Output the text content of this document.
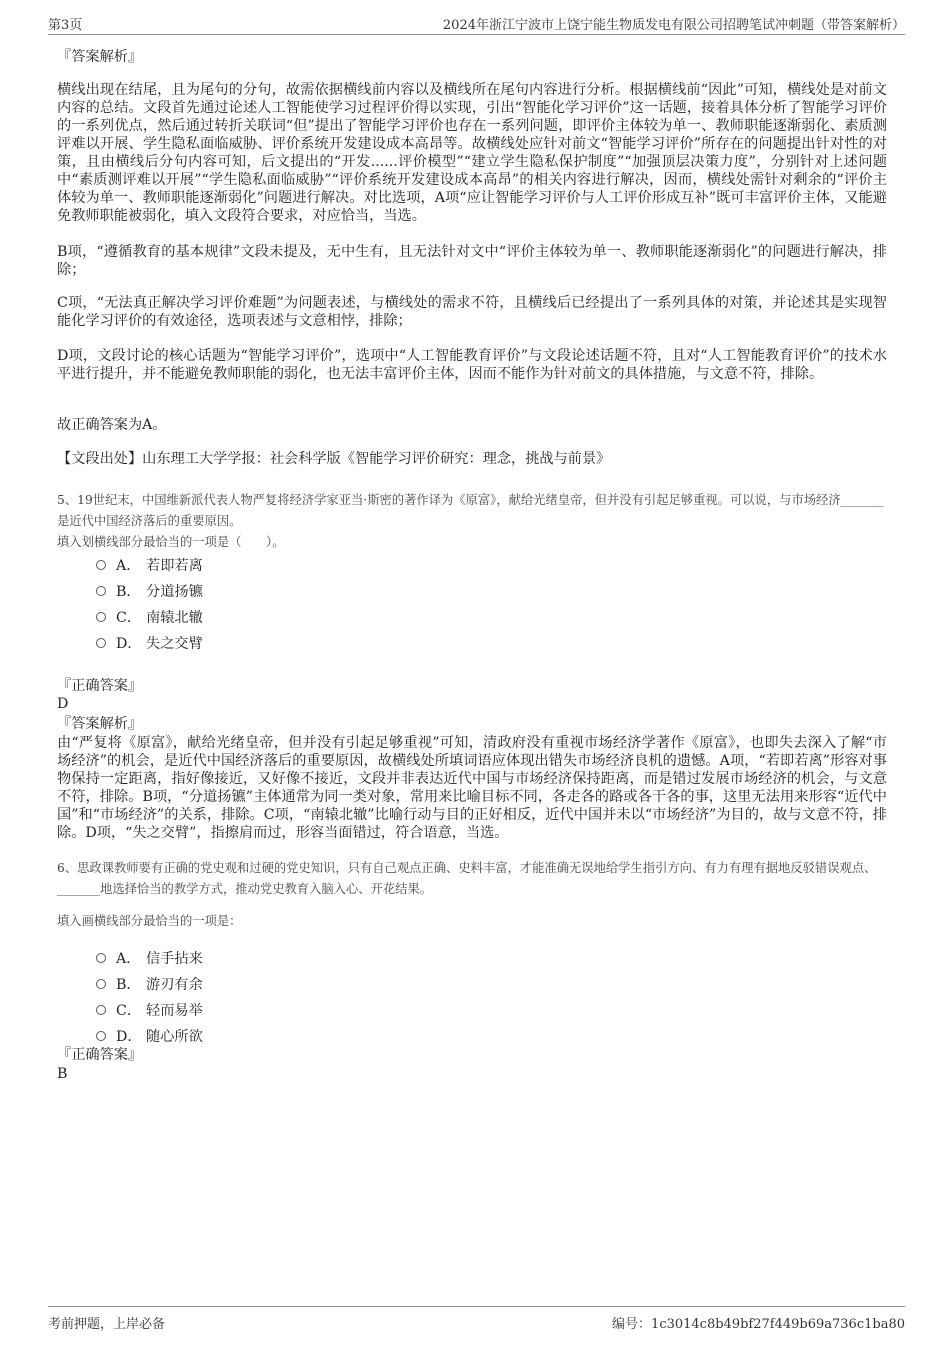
第3页	2024年浙江宁波市上饶宁能生物质发电有限公司招聘笔试冲刺题（带答案解析）
『答案解析』

横线出现在结尾，且为尾句的分句，故需依据横线前内容以及横线所在尾句内容进行分析。根据横线前“因此”可知，横线处是对前文内容的总结。文段首先通过论述人工智能使学习过程评价得以实现，引出“智能化学习评价”这一话题，接着具体分析了智能学习评价的一系列优点，然后通过转折关联词“但”提出了智能学习评价也存在一系列问题，即评价主体较为单一、教师职能逐渐弱化、素质测评难以开展、学生隐私面临威胁、评价系统开发建设成本高昂等。故横线处应针对前文“智能学习评价”所存在的问题提出针对性的对策，且由横线后分句内容可知，后文提出的“开发......评价模型”“建立学生隐私保护制度”“加强顶层决策力度”，分别针对上述问题中“素质测评难以开展”“学生隐私面临威胁”“评价系统开发建设成本高昂”的相关内容进行解决，因而，横线处需针对剩余的“评价主体较为单一、教师职能逐渐弱化”问题进行解决。对比选项，A项“应让智能学习评价与人工评价形成互补”既可丰富评价主体，又能避免教师职能被弱化，填入文段符合要求，对应恰当，当选。

B项，“遵循教育的基本规律”文段未提及，无中生有，且无法针对文中“评价主体较为单一、教师职能逐渐弱化”的问题进行解决，排除；

C项，“无法真正解决学习评价难题”为问题表述，与横线处的需求不符，且横线后已经提出了一系列具体的对策，并论述其是实现智能化学习评价的有效途径，选项表述与文意相悖，排除；

D项，文段讨论的核心话题为“智能学习评价”，选项中“人工智能教育评价”与文段论述话题不符，且对“人工智能教育评价”的技术水平进行提升，并不能避免教师职能的弱化，也无法丰富评价主体，因而不能作为针对前文的具体措施，与文意不符，排除。

故正确答案为A。

【文段出处】山东理工大学学报：社会科学版《智能学习评价研究：理念，挑战与前景》

5、19世纪末，中国维新派代表人物严复将经济学家亚当·斯密的著作译为《原富》，献给光绪皇帝，但并没有引起足够重视。可以说，与市场经济_______是近代中国经济落后的重要原因。

填入划横线部分最恰当的一项是（　　）。

A． 若即若离
B． 分道扬镳
C． 南辕北辙
D． 失之交臂
『正确答案』
D
『答案解析』

由“严复将《原富》，献给光绪皇帝，但并没有引起足够重视”可知，清政府没有重视市场经济学著作《原富》，也即失去深入了解“市场经济”的机会，是近代中国经济落后的重要原因，故横线处所填词语应体现出错失市场经济良机的遗憾。A项，“若即若离”形容对事物保持一定距离，指好像接近，又好像不接近，文段并非表达近代中国与市场经济保持距离，而是错过发展市场经济的机会，与文意不符，排除。B项，“分道扬镳”主体通常为同一类对象，常用来比喻目标不同，各走各的路或各干各的事，这里无法用来形容“近代中国”和“市场经济”的关系，排除。C项，“南辕北辙”比喻行动与目的正好相反，近代中国并未以“市场经济”为目的，故与文意不符，排除。D项，“失之交臂”，指擦肩而过，形容当面错过，符合语意，当选。

6、思政课教师要有正确的党史观和过硬的党史知识，只有自己观点正确、史料丰富，才能准确无误地给学生指引方向、有力有理有据地反驳错误观点、_______地选择恰当的教学方式，推动党史教育入脑入心、开花结果。

填入画横线部分最恰当的一项是：

A． 信手拈来
B． 游刃有余
C． 轻而易举
D． 随心所欲
『正确答案』
B
考前押题，上岸必备	编号：1c3014c8b49bf27f449b69a736c1ba80
